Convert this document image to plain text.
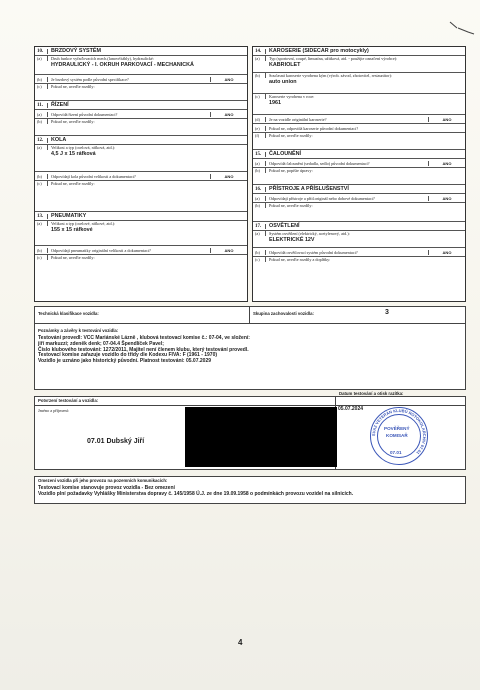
10.	BRZDOVÝ SYSTÉM
(a)	Druh funkce vyřaďovacích mech.(lanové/táhly), hydraulické:
HYDRAULICKÝ - I. OKRUH PARKOVACÍ - MECHANICKÁ
(b)	Je brzdový systém podle původní specifikace?	ANO
(c)	Pokud ne, uveďte rozdíly:
11.	ŘÍZENÍ
(a)	Odpovídá řízení původní dokumentaci?	ANO
(b)	Pokud ne, uveďte rozdíly:
12.	KOLA
(a)	Velikost a typ (ocelová, ráfková, atd.):
4,5 J x 15 ráfková
(b)	Odpovídají kola původní velikosti a dokumentaci?	ANO
(c)	Pokud ne, uveďte rozdíly:
13.	PNEUMATIKY
(a)	Velikost a typ (ocelové, ráfkové, atd.):
155 x 15 ráfkové
(b)	Odpovídají pneumatiky originální velikosti a dokumentaci?	ANO
(c)	Pokud ne, uveďte rozdíly:
14.	KAROSERIE (SIDECAR pro motocykly)
(a)	Typ (sportovní, coupé, limuzína, užitková, atd. - použijte označení výrobce):
KABRIOLET
(b)	Současná karoserie vyrobena kým (výrob. závod, zhotovitel, restaurátor):
auto union
(c)	Karoserie vyrobena v roce:
1961
(d)	Je na vozidle originální karoserie?	ANO
(e)	Pokud ne, odpovídá karoserie původní dokumentaci?
(f)	Pokud ne, uveďte rozdíly:
15.	ČALOUNĚNÍ
(a)	Odpovídá čalounění (sedadla, sedlo) původní dokumentaci?	ANO
(b)	Pokud ne, popište úpravy:
16.	PŘÍSTROJE A PŘÍSLUŠENSTVÍ
(a)	Odpovídají přístroje a příd.originál nebo dobové dokumentaci?	ANO
(b)	Pokud ne, uveďte rozdíly:
17.	OSVĚTLENÍ
(a)	Systém osvětlení (elektrický, acetylenový, atd.):
ELEKTRICKÉ 12V
(b)	Odpovídá osvětlovací systém původní dokumentaci?	ANO
(c)	Pokud ne, uveďte rozdíly a doplňky:
Technická klasifikace vozidla:	Skupina zachovalosti vozidla:	3
Poznámky a závěry k testování vozidla:
Testování provedl: VCC Mariánské Lázně , klubová testovací komise č.: 07-04, ve složení:
jiří markuzzi; zdeněk denk; 07-04.4 Špendlíček Pavel;
Číslo klubového testování: 1272/2011, Majitel není členem klubu, který testování provedl.
Testovací komise zařazuje vozidlo do třídy dle Kodexu FIVA: F (1961 - 1970)
Vozidlo je uznáno jako historický původní. Platnost testování: 05.07.2029
Potvrzení testování a vozidla:
Datum testování a otisk razítka:
Jméno a příjmení:
07.01 Dubský Jiří
05.07.2024
SVAZ VETERÁN KLUBŮ ROTOKOLARCHIV 07.01
POVĚŘENÝ
KOMISAŘ
07.01
Omezení vozidla při jeho provozu na pozemních komunikacích:
Testovací komise stanovuje provoz vozidla - Bez omezení
Vozidlo plní požadavky Vyhlášky Ministerstva dopravy č. 145/1958 Ú.J. ze dne 19.09.1958 o podmínkách provozu vozidel na silnicích.
4
